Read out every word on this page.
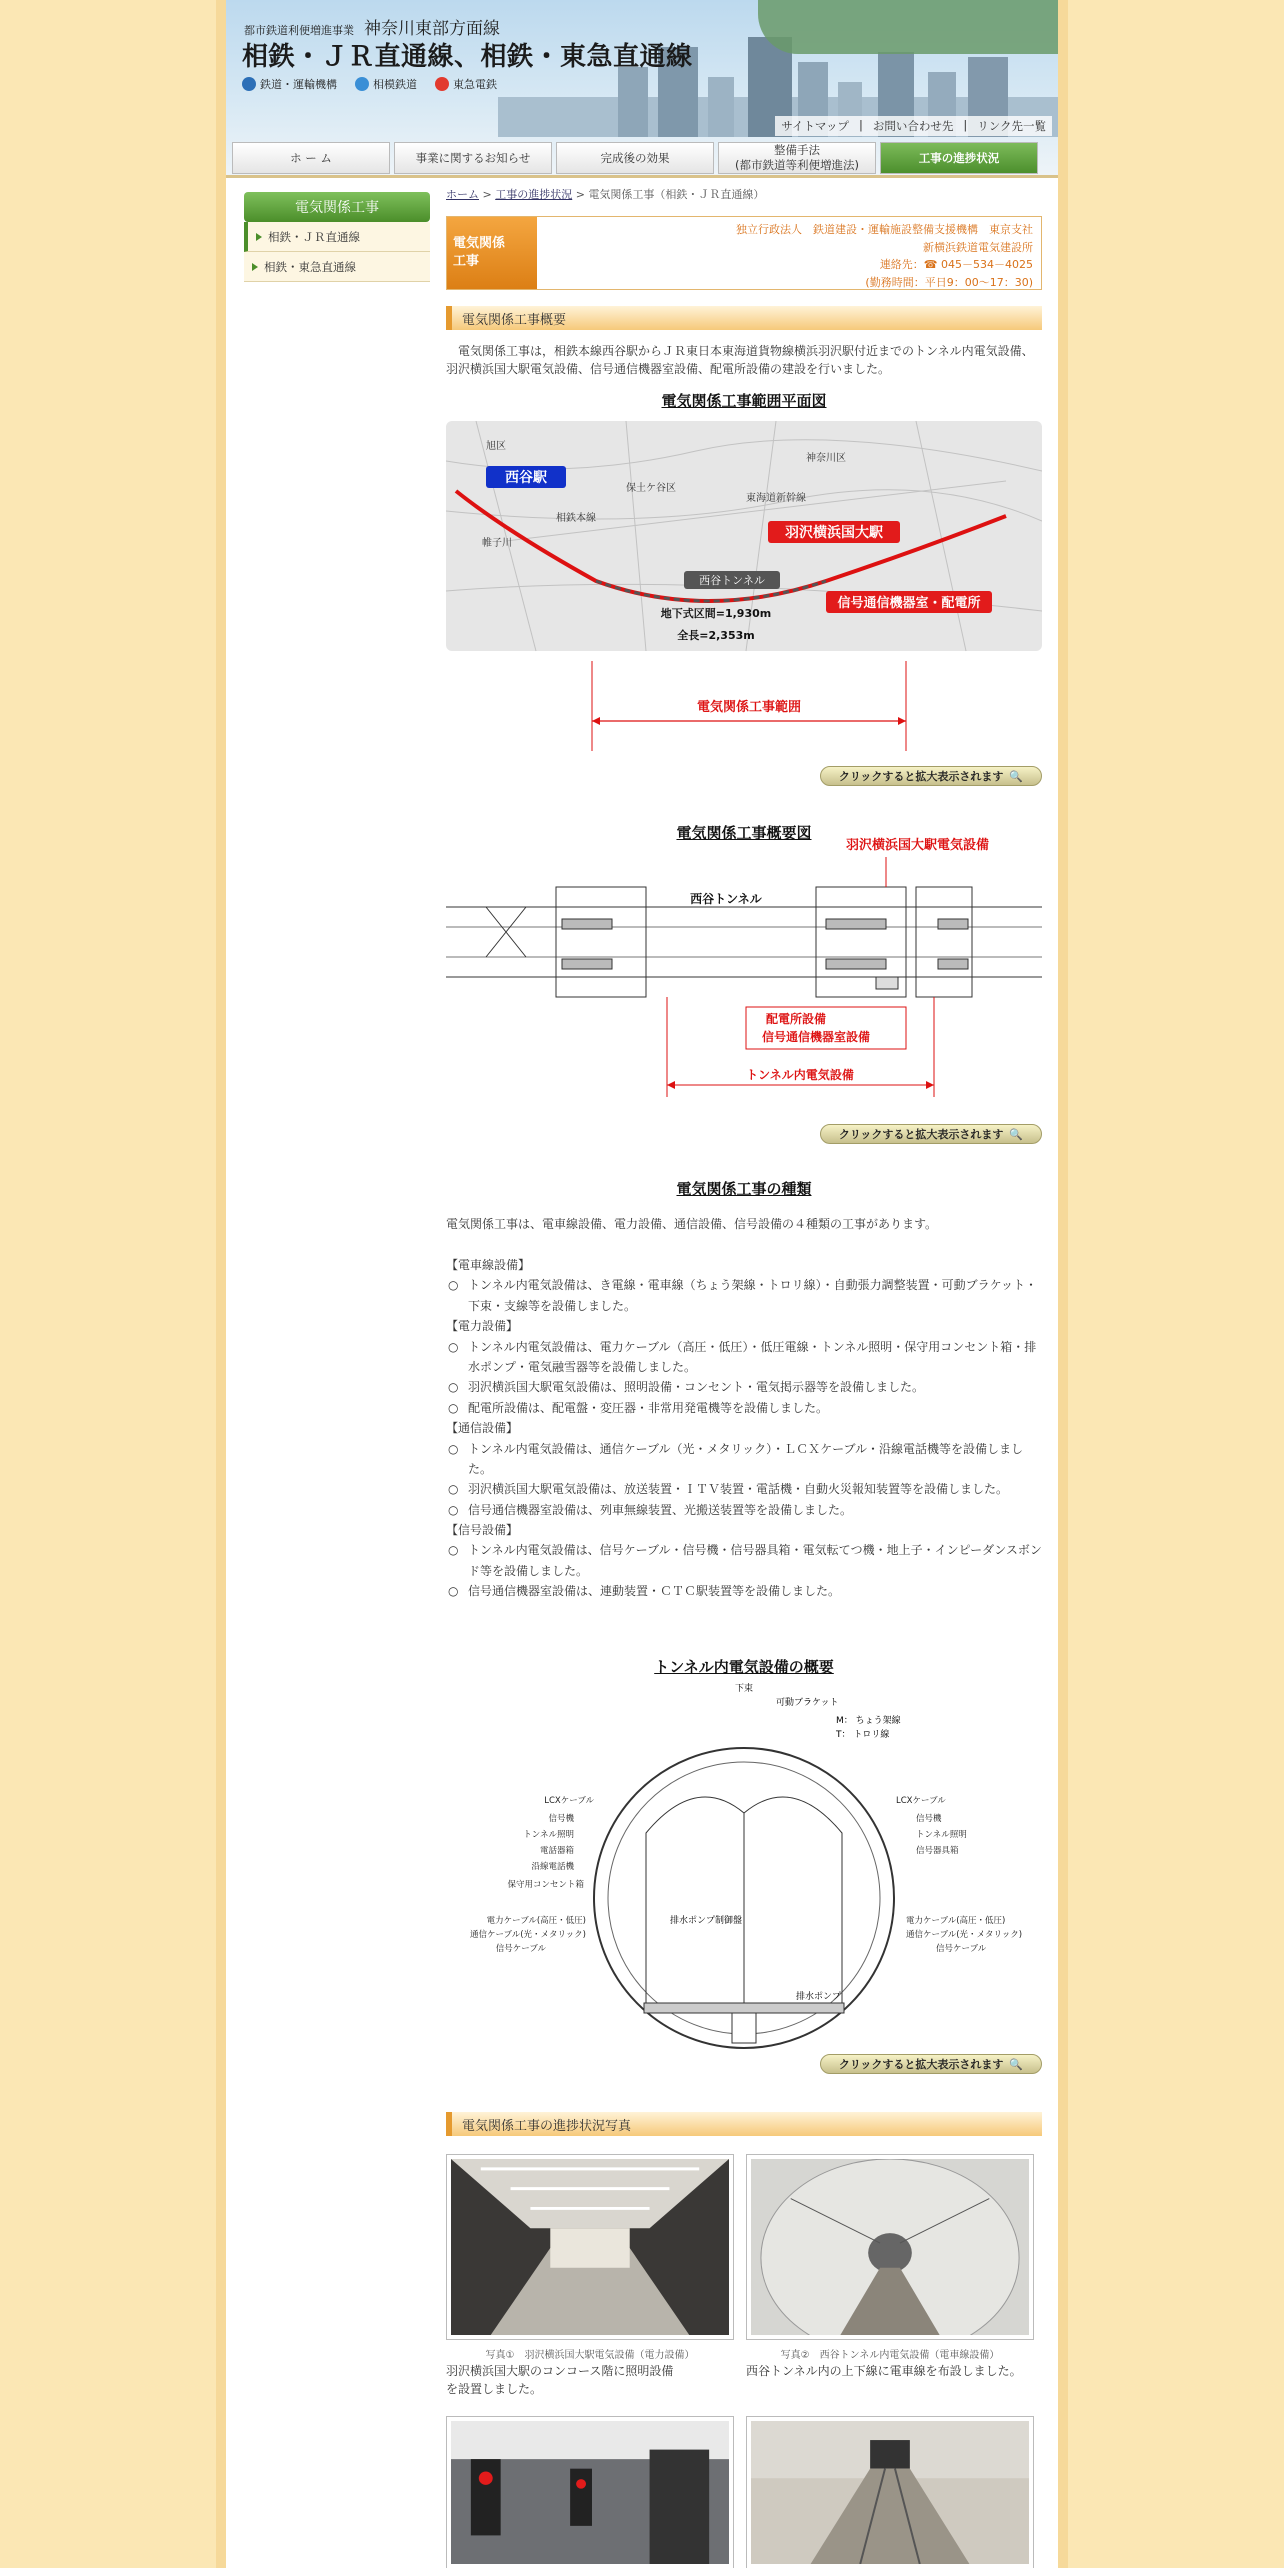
都市鉄道利便増進事業 神奈川東部方面線
相鉄・ＪＲ直通線、相鉄・東急直通線
鉄道・運輸機構	相模鉄道	東急電鉄
サイトマップ | お問い合わせ先 | リンク先一覧
ホ ー ム	事業に関するお知らせ	完成後の効果
整備手法
(都市鉄道等利便増進法)
工事の進捗状況
電気関係工事
相鉄・ＪＲ直通線
相鉄・東急直通線
ホーム > 工事の進捗状況 > 電気関係工事（相鉄・ＪＲ直通線）
電気関係
工事
独立行政法人　鉄道建設・運輸施設整備支援機構　東京支社
新横浜鉄道電気建設所
連絡先：☎ 045－534－4025
(勤務時間：平日9：00～17：30)
電気関係工事概要
電気関係工事は，相鉄本線西谷駅からＪＲ東日本東海道貨物線横浜羽沢駅付近までのトンネル内電気設備、羽沢横浜国大駅電気設備、信号通信機器室設備、配電所設備の建設を行いました。
電気関係工事範囲平面図
西谷駅
羽沢横浜国大駅
信号通信機器室・配電所
西谷トンネル
地下式区間=1,930m
全長=2,353m
保土ケ谷区
神奈川区
旭区
東海道新幹線
相鉄本線
帷子川
電気関係工事範囲
クリックすると拡大表示されます 🔍
電気関係工事概要図
羽沢横浜国大駅電気設備
西谷トンネル
配電所設備
信号通信機器室設備
トンネル内電気設備
クリックすると拡大表示されます 🔍
電気関係工事の種類
電気関係工事は、電車線設備、電力設備、通信設備、信号設備の４種類の工事があります。
【電車線設備】
○ トンネル内電気設備は、き電線・電車線（ちょう架線・トロリ線）・自動張力調整装置・可動ブラケット・下束・支線等を設備しました。
【電力設備】
○ トンネル内電気設備は、電力ケーブル（高圧・低圧）・低圧電線・トンネル照明・保守用コンセント箱・排水ポンプ・電気融雪器等を設備しました。
○ 羽沢横浜国大駅電気設備は、照明設備・コンセント・電気掲示器等を設備しました。
○ 配電所設備は、配電盤・変圧器・非常用発電機等を設備しました。
【通信設備】
○ トンネル内電気設備は、通信ケーブル（光・メタリック）・ＬＣＸケーブル・沿線電話機等を設備しました。
○ 羽沢横浜国大駅電気設備は、放送装置・ＩＴＶ装置・電話機・自動火災報知装置等を設備しました。
○ 信号通信機器室設備は、列車無線装置、光搬送装置等を設備しました。
【信号設備】
○ トンネル内電気設備は、信号ケーブル・信号機・信号器具箱・電気転てつ機・地上子・インピーダンスボンド等を設備しました。
○ 信号通信機器室設備は、連動装置・ＣＴＣ駅装置等を設備しました。
トンネル内電気設備の概要
下束
可動ブラケット
M： ちょう架線
T： トロリ線
排水ポンプ制御盤
排水ポンプ
LCXケーブル
信号機
トンネル照明
電話器箱
沿線電話機
保守用コンセント箱
電力ケーブル(高圧・低圧)
通信ケーブル(光・メタリック)
信号ケーブル
LCXケーブル
信号機
トンネル照明
信号器具箱
電力ケーブル(高圧・低圧)
通信ケーブル(光・メタリック)
信号ケーブル
クリックすると拡大表示されます 🔍
電気関係工事の進捗状況写真
写真①　羽沢横浜国大駅電気設備（電力設備）
羽沢横浜国大駅のコンコース階に照明設備を設置しました。
写真②　西谷トンネル内電気設備（電車線設備）
西谷トンネル内の上下線に電車線を布設しました。
